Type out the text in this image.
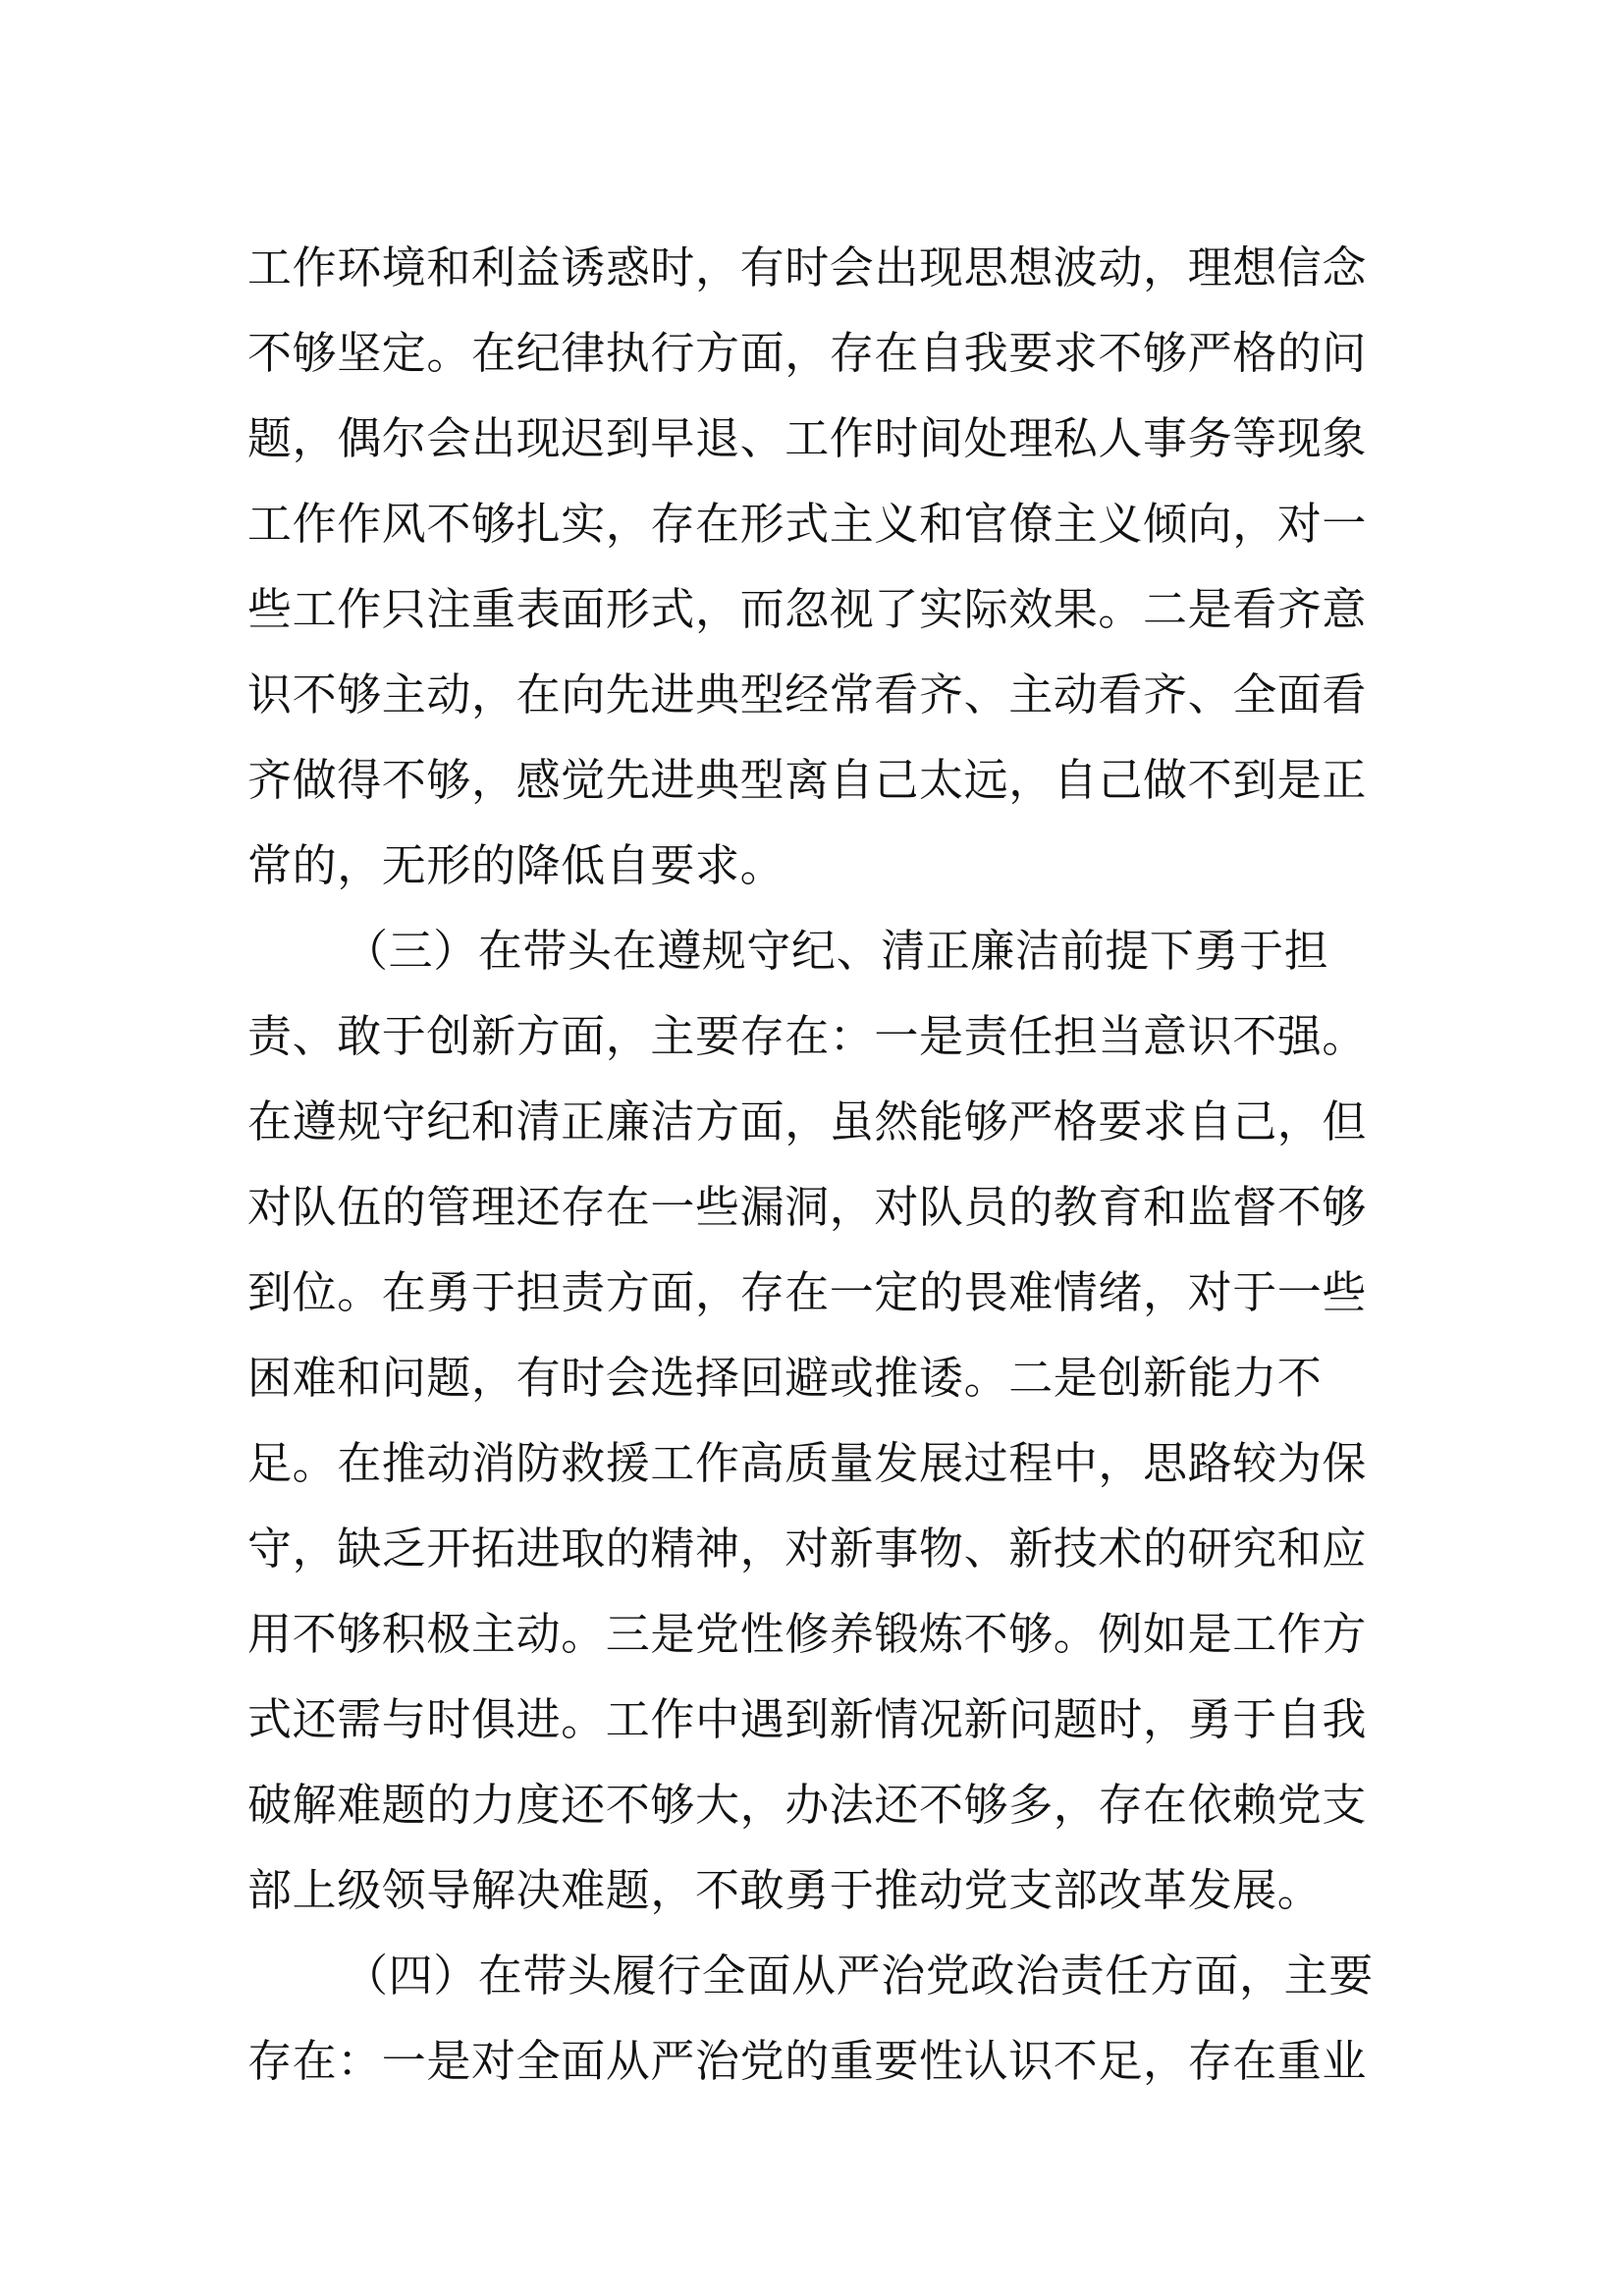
工作环境和利益诱惑时，有时会出现思想波动，理想信念
不够坚定。在纪律执行方面，存在自我要求不够严格的问
题，偶尔会出现迟到早退、工作时间处理私人事务等现象
工作作风不够扎实，存在形式主义和官僚主义倾向，对一
些工作只注重表面形式，而忽视了实际效果。二是看齐意
识不够主动，在向先进典型经常看齐、主动看齐、全面看
齐做得不够，感觉先进典型离自己太远，自己做不到是正
常的，无形的降低自要求。
（三）在带头在遵规守纪、清正廉洁前提下勇于担
责、敢于创新方面，主要存在：一是责任担当意识不强。
在遵规守纪和清正廉洁方面，虽然能够严格要求自己，但
对队伍的管理还存在一些漏洞，对队员的教育和监督不够
到位。在勇于担责方面，存在一定的畏难情绪，对于一些
困难和问题，有时会选择回避或推诿。二是创新能力不
足。在推动消防救援工作高质量发展过程中，思路较为保
守，缺乏开拓进取的精神，对新事物、新技术的研究和应
用不够积极主动。三是党性修养锻炼不够。例如是工作方
式还需与时俱进。工作中遇到新情况新问题时，勇于自我
破解难题的力度还不够大，办法还不够多，存在依赖党支
部上级领导解决难题，不敢勇于推动党支部改革发展。
（四）在带头履行全面从严治党政治责任方面，主要
存在：一是对全面从严治党的重要性认识不足，存在重业
